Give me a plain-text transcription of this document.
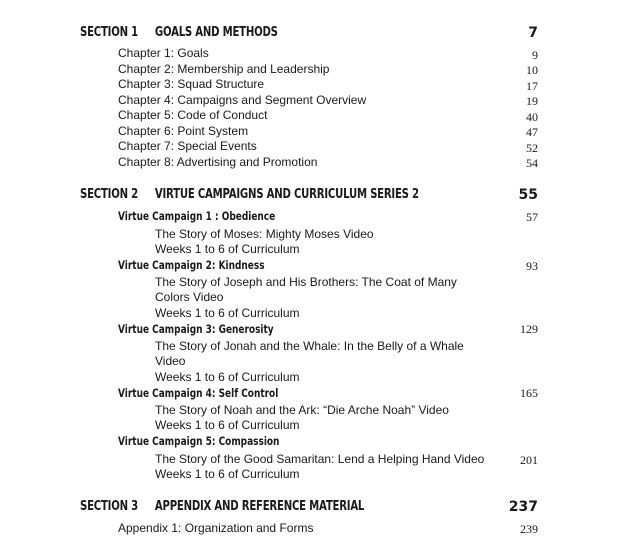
SECTION 1 GOALS AND METHODS	7
Chapter 1: Goals	9
Chapter 2: Membership and Leadership	10
Chapter 3: Squad Structure	17
Chapter 4: Campaigns and Segment Overview	19
Chapter 5: Code of Conduct	40
Chapter 6: Point System	47
Chapter 7: Special Events	52
Chapter 8: Advertising and Promotion	54
SECTION 2 VIRTUE CAMPAIGNS AND CURRICULUM SERIES 2	55
Virtue Campaign 1 : Obedience	57
The Story of Moses: Mighty Moses Video
Weeks 1 to 6 of Curriculum
Virtue Campaign 2: Kindness	93
The Story of Joseph and His Brothers: The Coat of Many
Colors Video
Weeks 1 to 6 of Curriculum
Virtue Campaign 3: Generosity	129
The Story of Jonah and the Whale: In the Belly of a Whale
Video
Weeks 1 to 6 of Curriculum
Virtue Campaign 4: Self Control	165
The Story of Noah and the Ark: “Die Arche Noah” Video
Weeks 1 to 6 of Curriculum
Virtue Campaign 5: Compassion
The Story of the Good Samaritan: Lend a Helping Hand Video	201
Weeks 1 to 6 of Curriculum
SECTION 3 APPENDIX AND REFERENCE MATERIAL	237
Appendix 1: Organization and Forms	239
